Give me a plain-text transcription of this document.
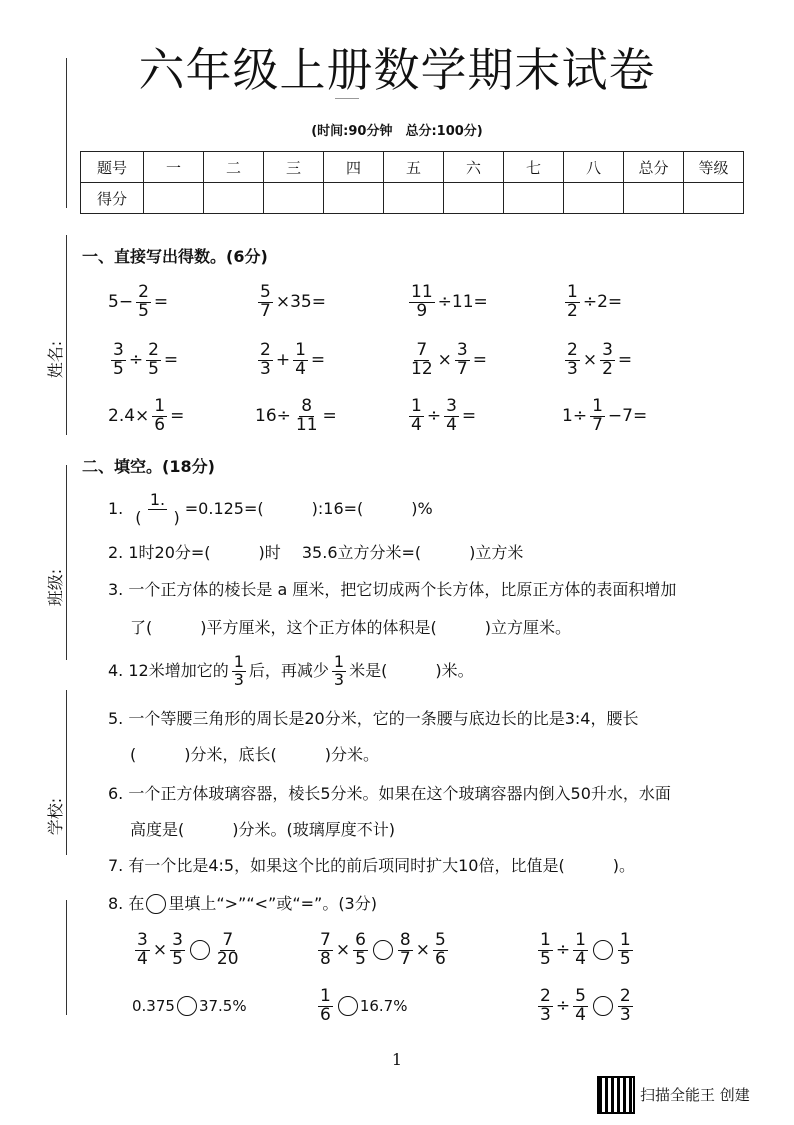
六年级上册数学期末试卷
(时间:90分钟　总分:100分)
题号	一	二	三	四	五	六	七	八	总分	等级
得分										
姓名:
班级:
学校:
一、直接写出得数。(6分)
$5- \frac{2}{5}$ =	$\frac{5}{7} \times 35=$	$\frac{11}{9} \div 11=$	$\frac{1}{2} \div 2=$
$\frac{3}{5} \div \frac{2}{5}$ =	$\frac{2}{3} + \frac{1}{4}$ =	$\frac{7}{12} \times \frac{3}{7}$ =	$\frac{2}{3} \times \frac{3}{2}$ =
$2.4\times \frac{1}{6}$ =	$16\div \frac{8}{11}$ =	$\frac{1}{4} \div \frac{3}{4}$ =	$1\div \frac{1}{7} -7=$
二、填空。(18分)
1. $\frac{1.}{( )} =0.125=$(　　　):16=(　　　)%
2. 1时20分=(　　　)时　 35.6立方分米=(　　　)立方米
3. 一个正方体的棱长是 a 厘米，把它切成两个长方体，比原正方体的表面积增加
了(　　　)平方厘米，这个正方体的体积是(　　　)立方厘米。
4. 12米增加它的 $\frac{1}{3}$ 后，再减少 $\frac{1}{3}$ 米是(　　　)米。
5. 一个等腰三角形的周长是20分米，它的一条腰与底边长的比是3:4，腰长
(　　　)分米，底长(　　　)分米。
6. 一个正方体玻璃容器，棱长5分米。如果在这个玻璃容器内倒入50升水，水面
高度是(　　　)分米。(玻璃厚度不计)
7. 有一个比是4:5，如果这个比的前后项同时扩大10倍，比值是(　　　)。
8. 在 里填上“>”“<”或“=”。(3分)
$\frac{3}{4} \times \frac{3}{5} \frac{7}{20}$	$\frac{7}{8} \times \frac{6}{5} \frac{8}{7} \times \frac{5}{6}$	$\frac{1}{5} \div \frac{1}{4} \frac{1}{5}$
0.375 37.5%	$\frac{1}{6} 16.7\%$	$\frac{2}{3} \div \frac{5}{4} \frac{2}{3}$
1
扫描全能王 创建
